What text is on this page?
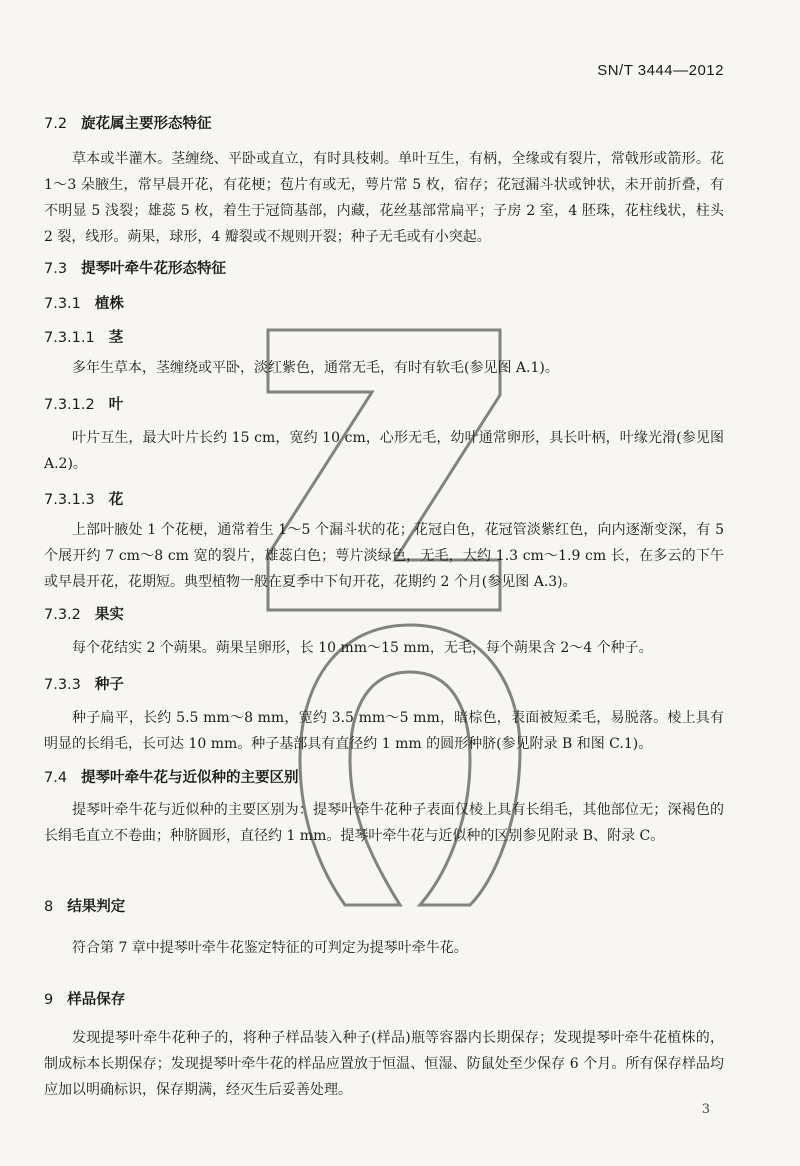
SN/T 3444—2012
7.2 旋花属主要形态特征

草本或半灌木。茎缠绕、平卧或直立，有时具枝刺。单叶互生，有柄，全缘或有裂片，常戟形或箭形。花 1～3 朵腋生，常早晨开花，有花梗；苞片有或无，萼片常 5 枚，宿存；花冠漏斗状或钟状，未开前折叠，有不明显 5 浅裂；雄蕊 5 枚，着生于冠筒基部，内藏，花丝基部常扁平；子房 2 室，4 胚珠，花柱线状，柱头 2 裂，线形。蒴果，球形，4 瓣裂或不规则开裂；种子无毛或有小突起。

7.3 提琴叶牵牛花形态特征
7.3.1 植株
7.3.1.1 茎

多年生草本，茎缠绕或平卧，淡红紫色，通常无毛，有时有软毛(参见图 A.1)。

7.3.1.2 叶

叶片互生，最大叶片长约 15 cm，宽约 10 cm，心形无毛，幼叶通常卵形，具长叶柄，叶缘光滑(参见图 A.2)。

7.3.1.3 花

上部叶腋处 1 个花梗，通常着生 1～5 个漏斗状的花；花冠白色，花冠管淡紫红色，向内逐渐变深，有 5 个展开约 7 cm～8 cm 宽的裂片，雄蕊白色；萼片淡绿色，无毛，大约 1.3 cm～1.9 cm 长，在多云的下午或早晨开花，花期短。典型植物一般在夏季中下旬开花，花期约 2 个月(参见图 A.3)。

7.3.2 果实

每个花结实 2 个蒴果。蒴果呈卵形，长 10 mm～15 mm，无毛，每个蒴果含 2～4 个种子。

7.3.3 种子

种子扁平，长约 5.5 mm～8 mm，宽约 3.5 mm～5 mm，暗棕色，表面被短柔毛，易脱落。棱上具有明显的长绢毛，长可达 10 mm。种子基部具有直径约 1 mm 的圆形种脐(参见附录 B 和图 C.1)。

7.4 提琴叶牵牛花与近似种的主要区别

提琴叶牵牛花与近似种的主要区别为：提琴叶牵牛花种子表面仅棱上具有长绢毛，其他部位无；深褐色的长绢毛直立不卷曲；种脐圆形，直径约 1 mm。提琴叶牵牛花与近似种的区别参见附录 B、附录 C。

8 结果判定

符合第 7 章中提琴叶牵牛花鉴定特征的可判定为提琴叶牵牛花。

9 样品保存

发现提琴叶牵牛花种子的，将种子样品装入种子(样品)瓶等容器内长期保存；发现提琴叶牵牛花植株的，制成标本长期保存；发现提琴叶牵牛花的样品应置放于恒温、恒湿、防鼠处至少保存 6 个月。所有保存样品均应加以明确标识，保存期满，经灭生后妥善处理。

3
